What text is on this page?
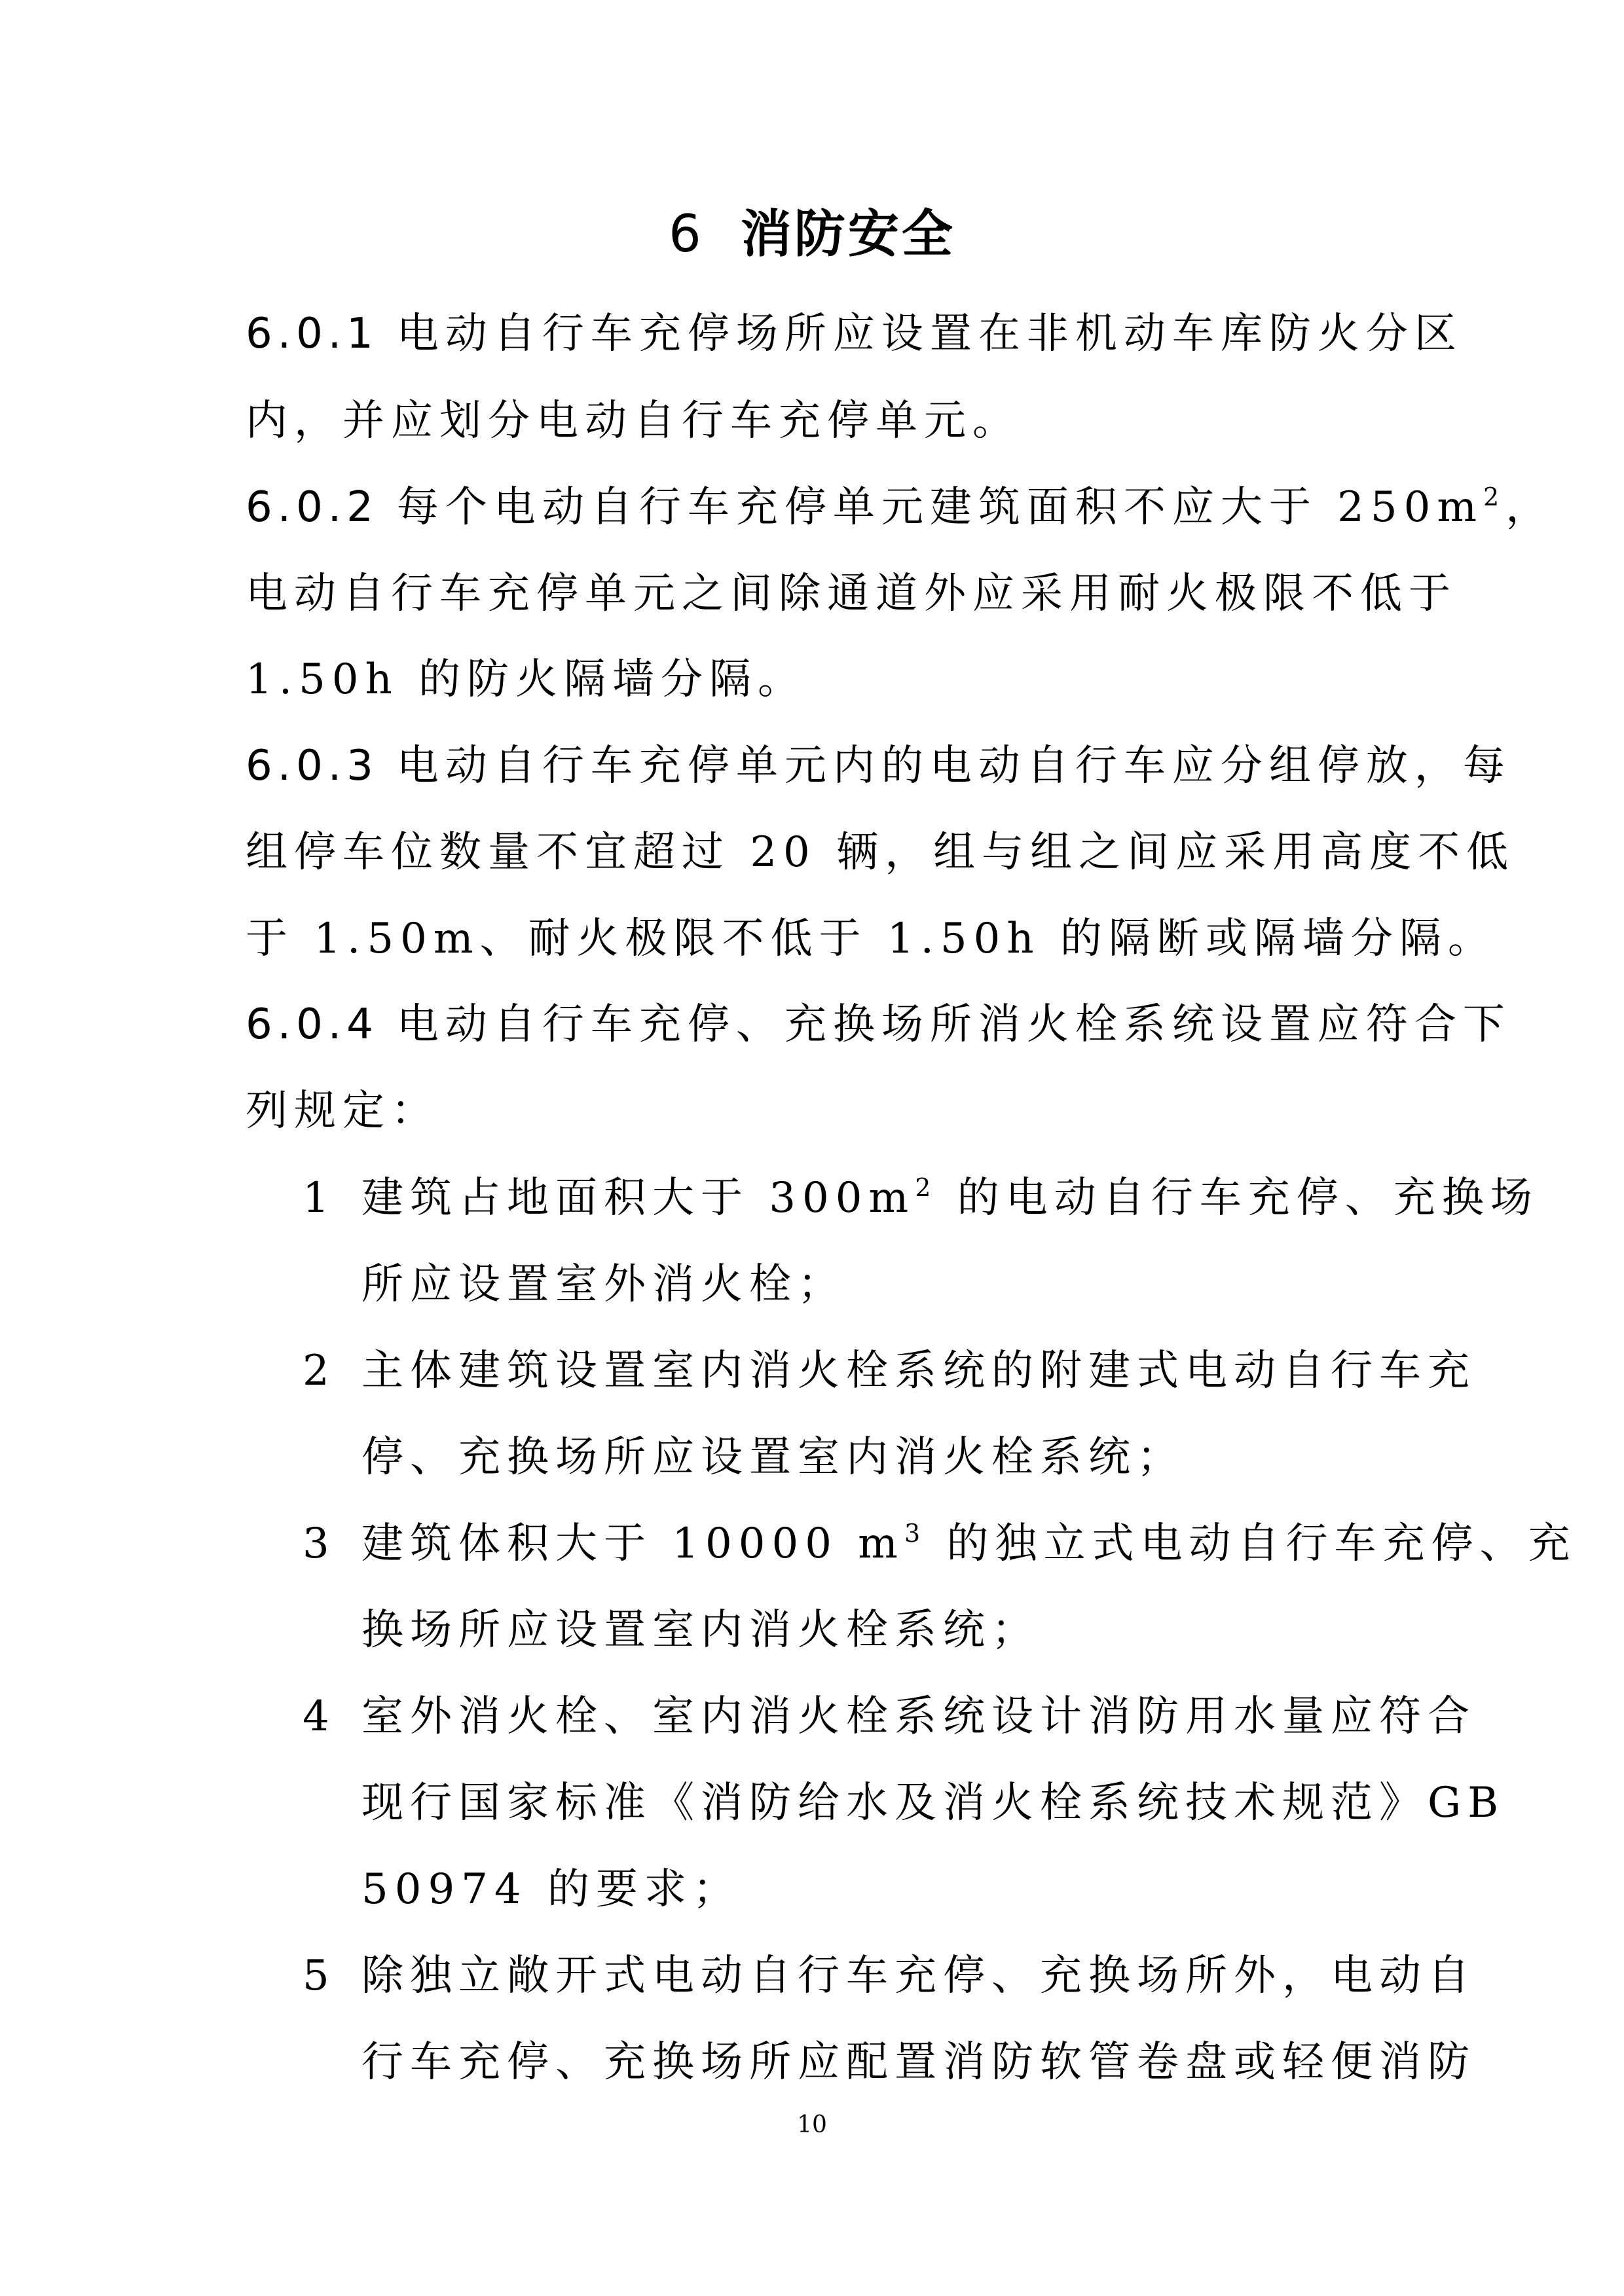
6 消防安全
6.0.1 电动自行车充停场所应设置在非机动车库防火分区
内，并应划分电动自行车充停单元。
6.0.2 每个电动自行车充停单元建筑面积不应大于 $250m^2$，
电动自行车充停单元之间除通道外应采用耐火极限不低于
1.50h 的防火隔墙分隔。
6.0.3 电动自行车充停单元内的电动自行车应分组停放，每
组停车位数量不宜超过 20 辆，组与组之间应采用高度不低
于 1.50m、耐火极限不低于 1.50h 的隔断或隔墙分隔。
6.0.4 电动自行车充停、充换场所消火栓系统设置应符合下
列规定：
1 建筑占地面积大于 $300m^2$ 的电动自行车充停、充换场
所应设置室外消火栓；
2 主体建筑设置室内消火栓系统的附建式电动自行车充
停、充换场所应设置室内消火栓系统；
3 建筑体积大于 10000 $m^3$ 的独立式电动自行车充停、充
换场所应设置室内消火栓系统；
4 室外消火栓、室内消火栓系统设计消防用水量应符合
现行国家标准《消防给水及消火栓系统技术规范》GB
50974 的要求；
5 除独立敞开式电动自行车充停、充换场所外，电动自
行车充停、充换场所应配置消防软管卷盘或轻便消防
10
